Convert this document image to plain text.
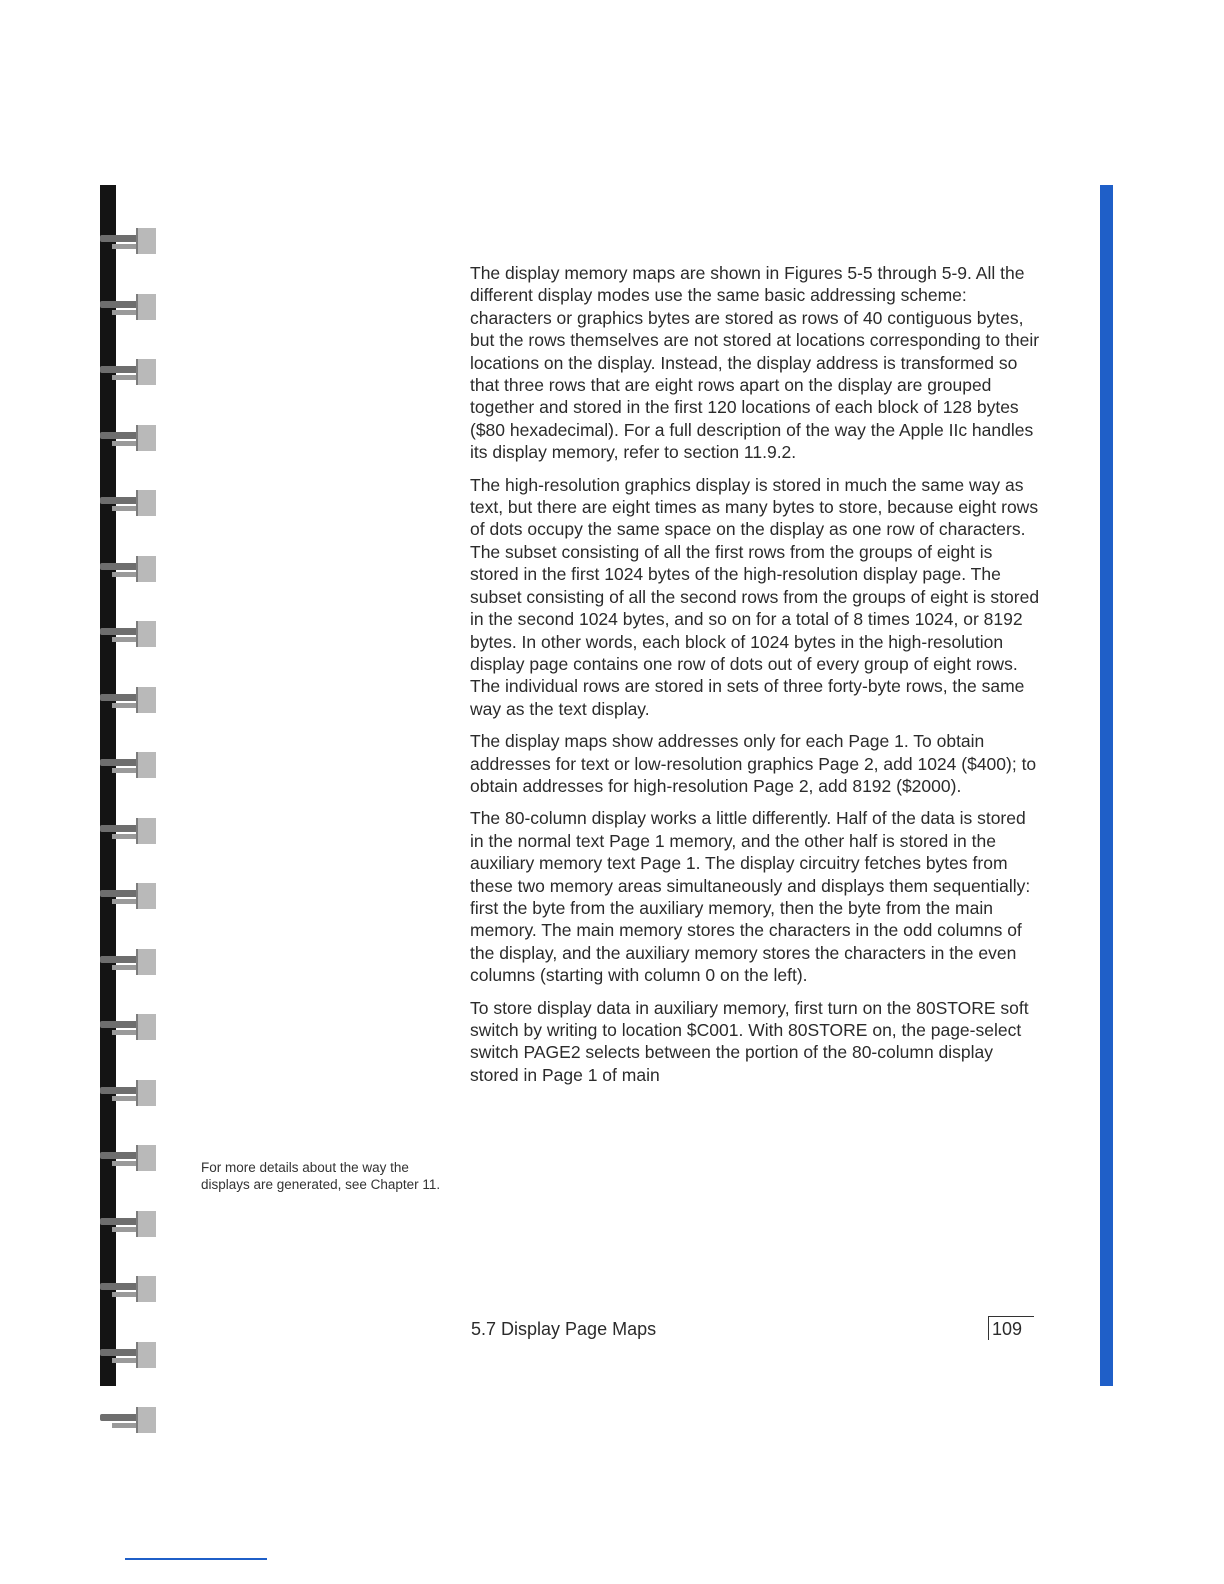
The display memory maps are shown in Figures 5-5 through 5-9. All the different display modes use the same basic addressing scheme: characters or graphics bytes are stored as rows of 40 contiguous bytes, but the rows themselves are not stored at locations corresponding to their locations on the display. Instead, the display address is transformed so that three rows that are eight rows apart on the display are grouped together and stored in the first 120 locations of each block of 128 bytes ($80 hexadecimal). For a full description of the way the Apple IIc handles its display memory, refer to section 11.9.2.

The high-resolution graphics display is stored in much the same way as text, but there are eight times as many bytes to store, because eight rows of dots occupy the same space on the display as one row of characters. The subset consisting of all the first rows from the groups of eight is stored in the first 1024 bytes of the high-resolution display page. The subset consisting of all the second rows from the groups of eight is stored in the second 1024 bytes, and so on for a total of 8 times 1024, or 8192 bytes. In other words, each block of 1024 bytes in the high-resolution display page contains one row of dots out of every group of eight rows. The individual rows are stored in sets of three forty-byte rows, the same way as the text display.

The display maps show addresses only for each Page 1. To obtain addresses for text or low-resolution graphics Page 2, add 1024 ($400); to obtain addresses for high-resolution Page 2, add 8192 ($2000).

The 80-column display works a little differently. Half of the data is stored in the normal text Page 1 memory, and the other half is stored in the auxiliary memory text Page 1. The display circuitry fetches bytes from these two memory areas simultaneously and displays them sequentially: first the byte from the auxiliary memory, then the byte from the main memory. The main memory stores the characters in the odd columns of the display, and the auxiliary memory stores the characters in the even columns (starting with column 0 on the left).

To store display data in auxiliary memory, first turn on the 80STORE soft switch by writing to location $C001. With 80STORE on, the page-select switch PAGE2 selects between the portion of the 80-column display stored in Page 1 of main

For more details about the way the displays are generated, see Chapter 11.
5.7 Display Page Maps	109
